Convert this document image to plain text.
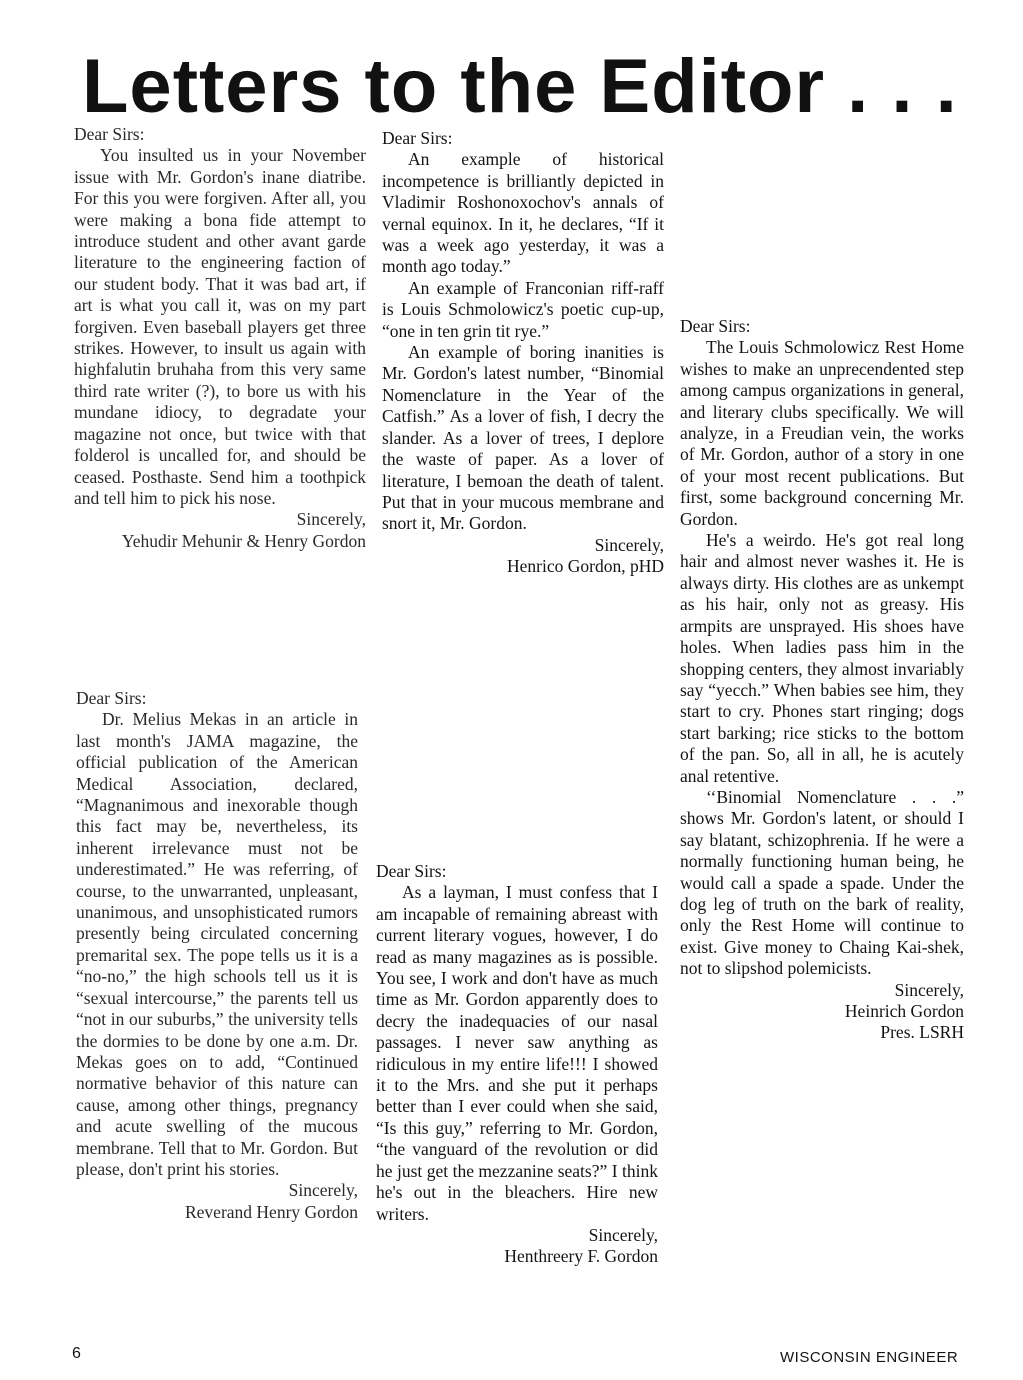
Letters to the Editor . . .

Dear Sirs:

You insulted us in your November issue with Mr. Gordon's inane diatribe. For this you were forgiven. After all, you were making a bona fide attempt to introduce student and other avant garde literature to the engineering faction of our student body. That it was bad art, if art is what you call it, was on my part forgiven. Even baseball players get three strikes. However, to insult us again with highfalutin bruhaha from this very same third rate writer (?), to bore us with his mundane idiocy, to degradate your magazine not once, but twice with that folderol is uncalled for, and should be ceased. Posthaste. Send him a toothpick and tell him to pick his nose.

Sincerely,

Yehudir Mehunir & Henry Gordon

Dear Sirs:

Dr. Melius Mekas in an article in last month's JAMA magazine, the official publication of the American Medical Association, declared, “Magnanimous and inexorable though this fact may be, nevertheless, its inherent irrelevance must not be underestimated.” He was referring, of course, to the unwarranted, unpleasant, unanimous, and unsophisticated rumors presently being circulated concerning premarital sex. The pope tells us it is a “no-no,” the high schools tell us it is “sexual intercourse,” the parents tell us “not in our suburbs,” the university tells the dormies to be done by one a.m. Dr. Mekas goes on to add, “Continued normative behavior of this nature can cause, among other things, pregnancy and acute swelling of the mucous membrane. Tell that to Mr. Gordon. But please, don't print his stories.

Sincerely,

Reverand Henry Gordon

Dear Sirs:

An example of historical incompetence is brilliantly depicted in Vladimir Roshonoxochov's annals of vernal equinox. In it, he declares, “If it was a week ago yesterday, it was a month ago today.”

An example of Franconian riff-raff is Louis Schmolowicz's poetic cup-up, “one in ten grin tit rye.”

An example of boring inanities is Mr. Gordon's latest number, “Binomial Nomenclature in the Year of the Catfish.” As a lover of fish, I decry the slander. As a lover of trees, I deplore the waste of paper. As a lover of literature, I bemoan the death of talent. Put that in your mucous membrane and snort it, Mr. Gordon.

Sincerely,

Henrico Gordon, pHD

Dear Sirs:

As a layman, I must confess that I am incapable of remaining abreast with current literary vogues, however, I do read as many magazines as is possible. You see, I work and don't have as much time as Mr. Gordon apparently does to decry the inadequacies of our nasal passages. I never saw anything as ridiculous in my entire life!!! I showed it to the Mrs. and she put it perhaps better than I ever could when she said, “Is this guy,” referring to Mr. Gordon, “the vanguard of the revolution or did he just get the mezzanine seats?” I think he's out in the bleachers. Hire new writers.

Sincerely,

Henthreery F. Gordon

Dear Sirs:

The Louis Schmolowicz Rest Home wishes to make an unprecendented step among campus organizations in general, and literary clubs specifically. We will analyze, in a Freudian vein, the works of Mr. Gordon, author of a story in one of your most recent publications. But first, some background concerning Mr. Gordon.

He's a weirdo. He's got real long hair and almost never washes it. He is always dirty. His clothes are as unkempt as his hair, only not as greasy. His armpits are unsprayed. His shoes have holes. When ladies pass him in the shopping centers, they almost invariably say “yecch.” When babies see him, they start to cry. Phones start ringing; dogs start barking; rice sticks to the bottom of the pan. So, all in all, he is acutely anal retentive.

‘‘Binomial Nomenclature . . .” shows Mr. Gordon's latent, or should I say blatant, schizophrenia. If he were a normally functioning human being, he would call a spade a spade. Under the dog leg of truth on the bark of reality, only the Rest Home will continue to exist. Give money to Chaing Kai-shek, not to slipshod polemicists.

Sincerely,

Heinrich Gordon

Pres. LSRH

6	WISCONSIN ENGINEER
